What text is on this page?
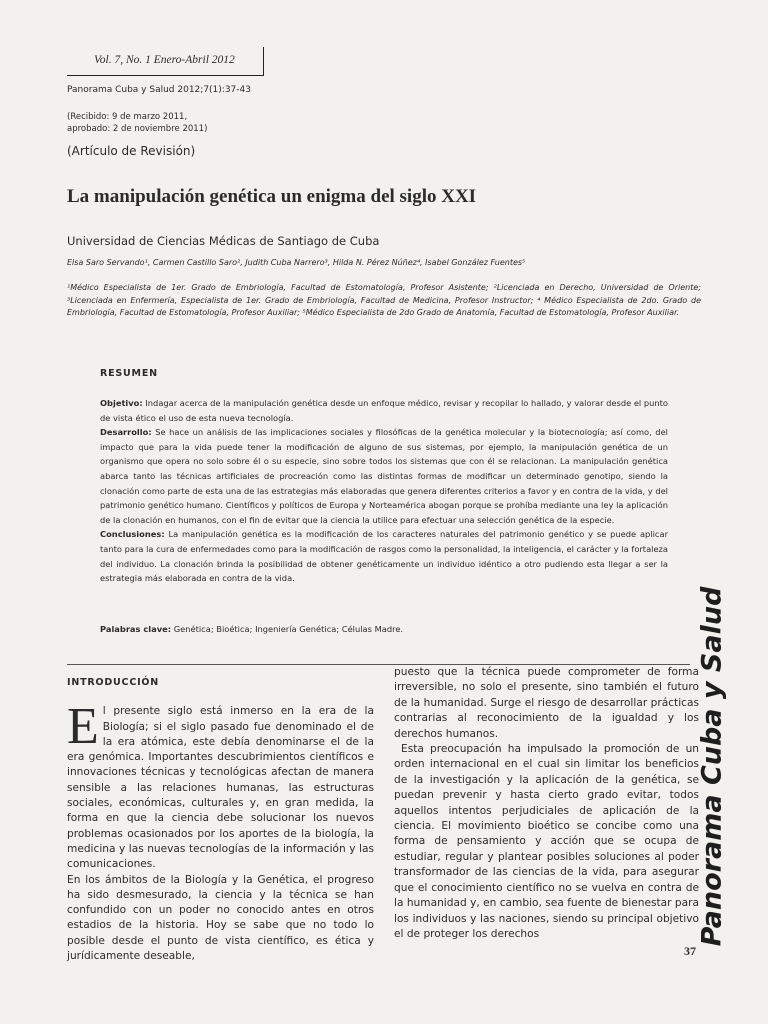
Vol. 7, No. 1 Enero-Abril 2012
Panorama Cuba y Salud 2012;7(1):37-43
(Recibido: 9 de marzo 2011,
aprobado: 2 de noviembre 2011)
(Artículo de Revisión)
La manipulación genética un enigma del siglo XXI
Universidad de Ciencias Médicas de Santiago de Cuba
Elsa Saro Servando¹, Carmen Castillo Saro², Judith Cuba Narrero³, Hilda N. Pérez Núñez⁴, Isabel González Fuentes⁵
¹Médico Especialista de 1er. Grado de Embriología, Facultad de Estomatología, Profesor Asistente; ²Licenciada en Derecho, Universidad de Oriente; ³Licenciada en Enfermería, Especialista de 1er. Grado de Embriología, Facultad de Medicina, Profesor Instructor; ⁴ Médico Especialista de 2do. Grado de Embriología, Facultad de Estomatología, Profesor Auxiliar; ⁵Médico Especialista de 2do Grado de Anatomía, Facultad de Estomatología, Profesor Auxiliar.
RESUMEN
Objetivo: Indagar acerca de la manipulación genética desde un enfoque médico, revisar y recopilar lo hallado, y valorar desde el punto de vista ético el uso de esta nueva tecnología.
Desarrollo: Se hace un análisis de las implicaciones sociales y filosóficas de la genética molecular y la biotecnología; así como, del impacto que para la vida puede tener la modificación de alguno de sus sistemas, por ejemplo, la manipulación genética de un organismo que opera no solo sobre él o su especie, sino sobre todos los sistemas que con él se relacionan. La manipulación genética abarca tanto las técnicas artificiales de procreación como las distintas formas de modificar un determinado genotipo, siendo la clonación como parte de esta una de las estrategias más elaboradas que genera diferentes criterios a favor y en contra de la vida, y del patrimonio genético humano. Científicos y políticos de Europa y Norteamérica abogan porque se prohíba mediante una ley la aplicación de la clonación en humanos, con el fin de evitar que la ciencia la utilice para efectuar una selección genética de la especie.
Conclusiones: La manipulación genética es la modificación de los caracteres naturales del patrimonio genético y se puede aplicar tanto para la cura de enfermedades como para la modificación de rasgos como la personalidad, la inteligencia, el carácter y la fortaleza del individuo. La clonación brinda la posibilidad de obtener genéticamente un individuo idéntico a otro pudiendo esta llegar a ser la estrategia más elaborada en contra de la vida.
Palabras clave: Genética; Bioética; Ingeniería Genética; Células Madre.	Panorama Cuba y Salud
INTRODUCCIÓN

El presente siglo está inmerso en la era de la Biología; si el siglo pasado fue denominado el de la era atómica, este debía denominarse el de la era genómica. Importantes descubrimientos científicos e innovaciones técnicas y tecnológicas afectan de manera sensible a las relaciones humanas, las estructuras sociales, económicas, culturales y, en gran medida, la forma en que la ciencia debe solucionar los nuevos problemas ocasionados por los aportes de la biología, la medicina y las nuevas tecnologías de la información y las comunicaciones.

En los ámbitos de la Biología y la Genética, el progreso ha sido desmesurado, la ciencia y la técnica se han confundido con un poder no conocido antes en otros estadios de la historia. Hoy se sabe que no todo lo posible desde el punto de vista científico, es ética y jurídicamente deseable,

puesto que la técnica puede comprometer de forma irreversible, no solo el presente, sino también el futuro de la humanidad. Surge el riesgo de desarrollar prácticas contrarias al reconocimiento de la igualdad y los derechos humanos.

Esta preocupación ha impulsado la promoción de un orden internacional en el cual sin limitar los beneficios de la investigación y la aplicación de la genética, se puedan prevenir y hasta cierto grado evitar, todos aquellos intentos perjudiciales de aplicación de la ciencia. El movimiento bioético se concibe como una forma de pensamiento y acción que se ocupa de estudiar, regular y plantear posibles soluciones al poder transformador de las ciencias de la vida, para asegurar que el conocimiento científico no se vuelva en contra de la humanidad y, en cambio, sea fuente de bienestar para los individuos y las naciones, siendo su principal objetivo el de proteger los derechos

37
